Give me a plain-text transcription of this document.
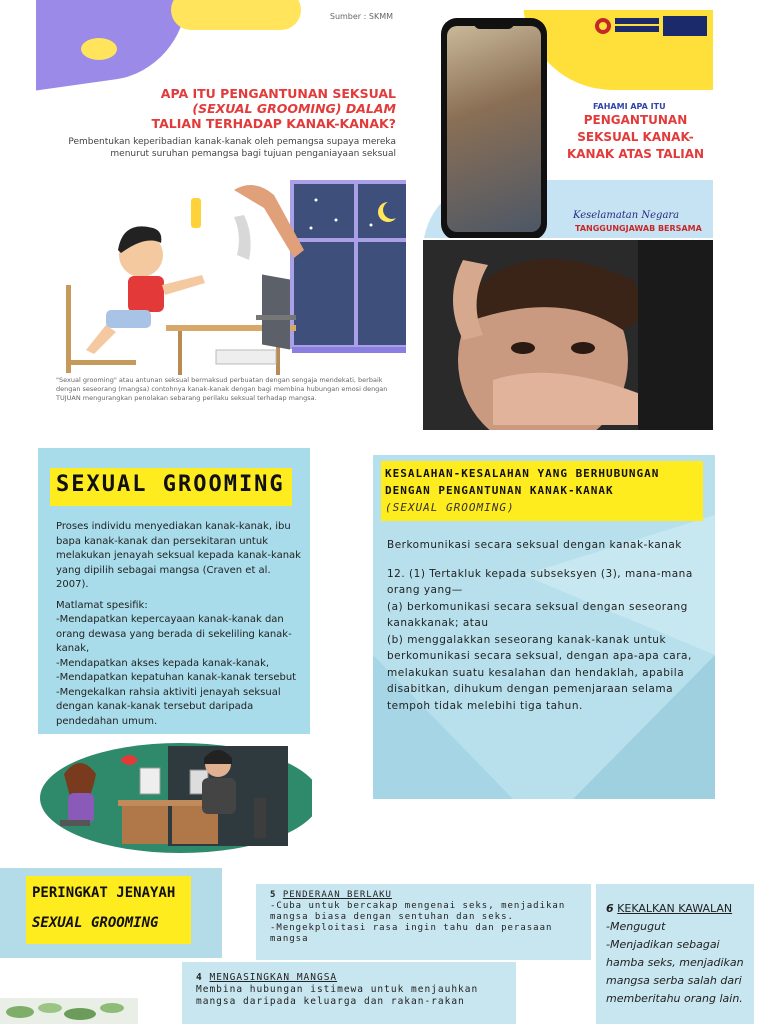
Sumber : SKMM
APA ITU PENGANTUNAN SEKSUAL
(SEXUAL GROOMING) DALAM
TALIAN TERHADAP KANAK-KANAK?
Pembentukan keperibadian kanak-kanak oleh pemangsa supaya mereka menurut suruhan pemangsa bagi tujuan penganiayaan seksual
"Sexual grooming" atau antunan seksual bermaksud perbuatan dengan sengaja mendekati, berbaik dengan seseorang (mangsa) contohnya kanak-kanak dengan bagi membina hubungan emosi dengan TUJUAN mengurangkan penolakan sebarang perilaku seksual terhadap mangsa.
FAHAMI APA ITU
PENGANTUNAN
SEKSUAL KANAK-
KANAK ATAS TALIAN
Keselamatan Negara
TANGGUNGJAWAB BERSAMA
SEXUAL GROOMING

Proses individu menyediakan kanak-kanak, ibu bapa kanak-kanak dan persekitaran untuk melakukan jenayah seksual kepada kanak-kanak yang dipilih sebagai mangsa (Craven et al. 2007).

Matlamat spesifik:
-Mendapatkan kepercayaan kanak-kanak dan orang dewasa yang berada di sekeliling kanak-kanak,
-Mendapatkan akses kepada kanak-kanak,
-Mendapatkan kepatuhan kanak-kanak tersebut
-Mengekalkan rahsia aktiviti jenayah seksual dengan kanak-kanak tersebut daripada pendedahan umum.
KESALAHAN-KESALAHAN YANG BERHUBUNGAN DENGAN PENGANTUNAN KANAK-KANAK
(SEXUAL GROOMING)

Berkomunikasi secara seksual dengan kanak-kanak

12. (1) Tertakluk kepada subseksyen (3), mana-mana orang yang—
(a) berkomunikasi secara seksual dengan seseorang kanakkanak; atau
(b) menggalakkan seseorang kanak-kanak untuk berkomunikasi secara seksual, dengan apa-apa cara, melakukan suatu kesalahan dan hendaklah, apabila disabitkan, dihukum dengan pemenjaraan selama tempoh tidak melebihi tiga tahun.
PERINGKAT JENAYAH
SEXUAL GROOMING
5 PENDERAAN BERLAKU
-Cuba untuk bercakap mengenai seks, menjadikan mangsa biasa dengan sentuhan dan seks.
-Mengekploitasi rasa ingin tahu dan perasaan mangsa
6 KEKALKAN KAWALAN
-Mengugut
-Menjadikan sebagai hamba seks, menjadikan mangsa serba salah dari memberitahu orang lain.
4 MENGASINGKAN MANGSA
Membina hubungan istimewa untuk menjauhkan mangsa daripada keluarga dan rakan-rakan
